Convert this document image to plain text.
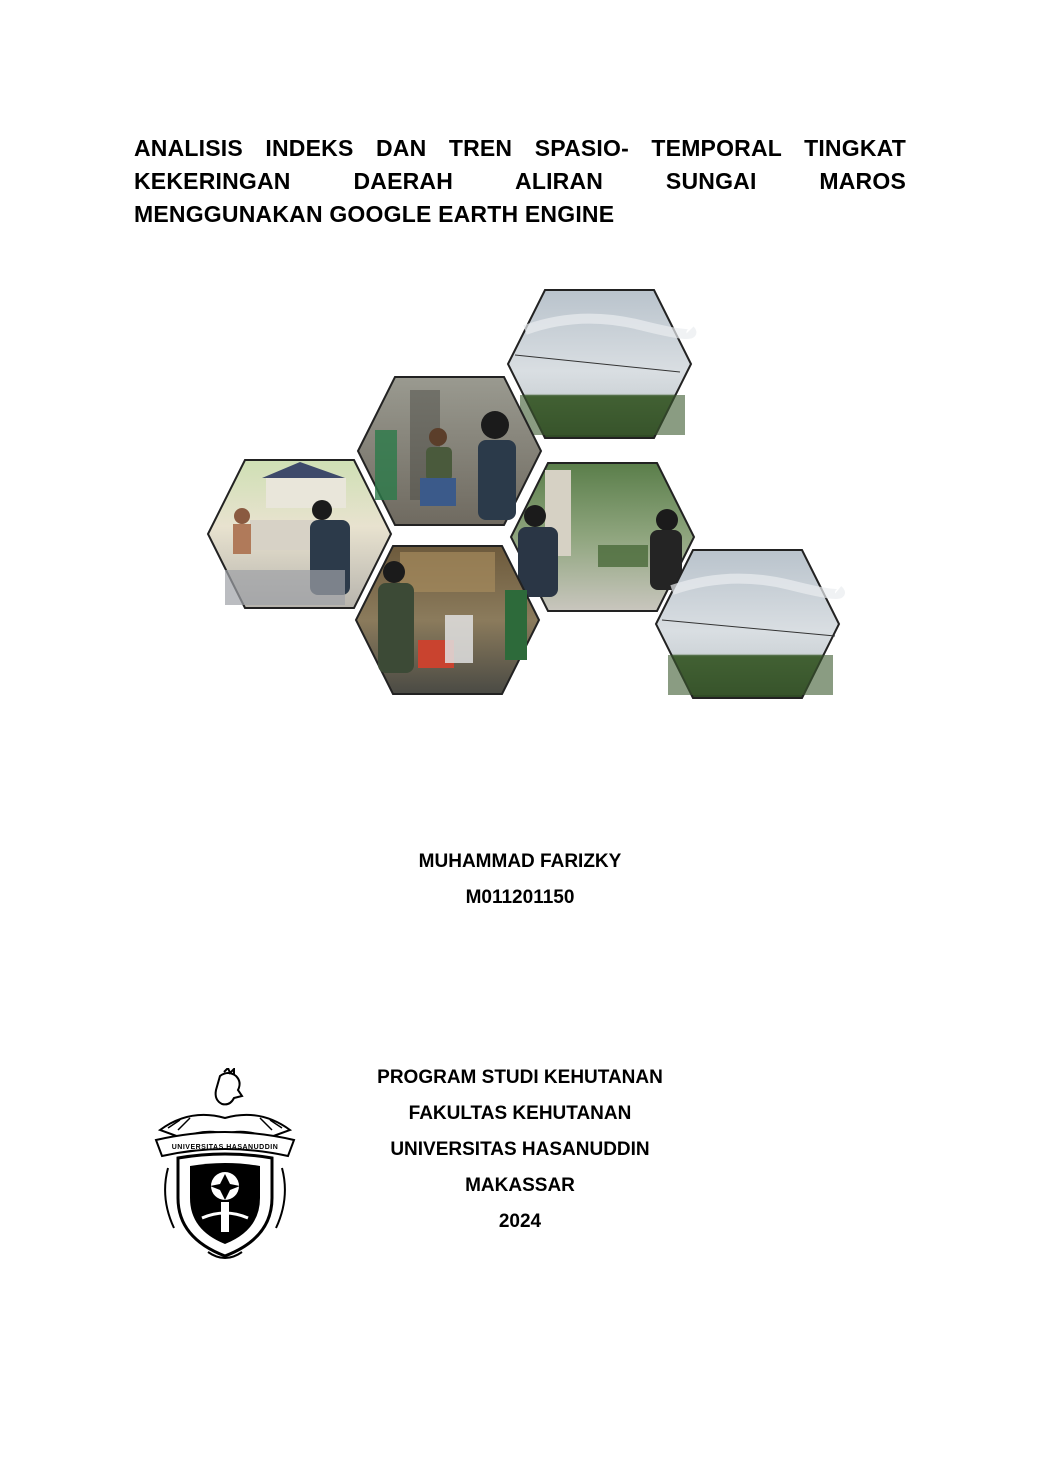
ANALISIS INDEKS DAN TREN SPASIO- TEMPORAL TINGKAT
KEKERINGAN DAERAH ALIRAN SUNGAI MAROS
MENGGUNAKAN GOOGLE EARTH ENGINE
MUHAMMAD FARIZKY
M011201150
UNIVERSITAS HASANUDDIN
PROGRAM STUDI KEHUTANAN
FAKULTAS KEHUTANAN
UNIVERSITAS HASANUDDIN
MAKASSAR
2024
